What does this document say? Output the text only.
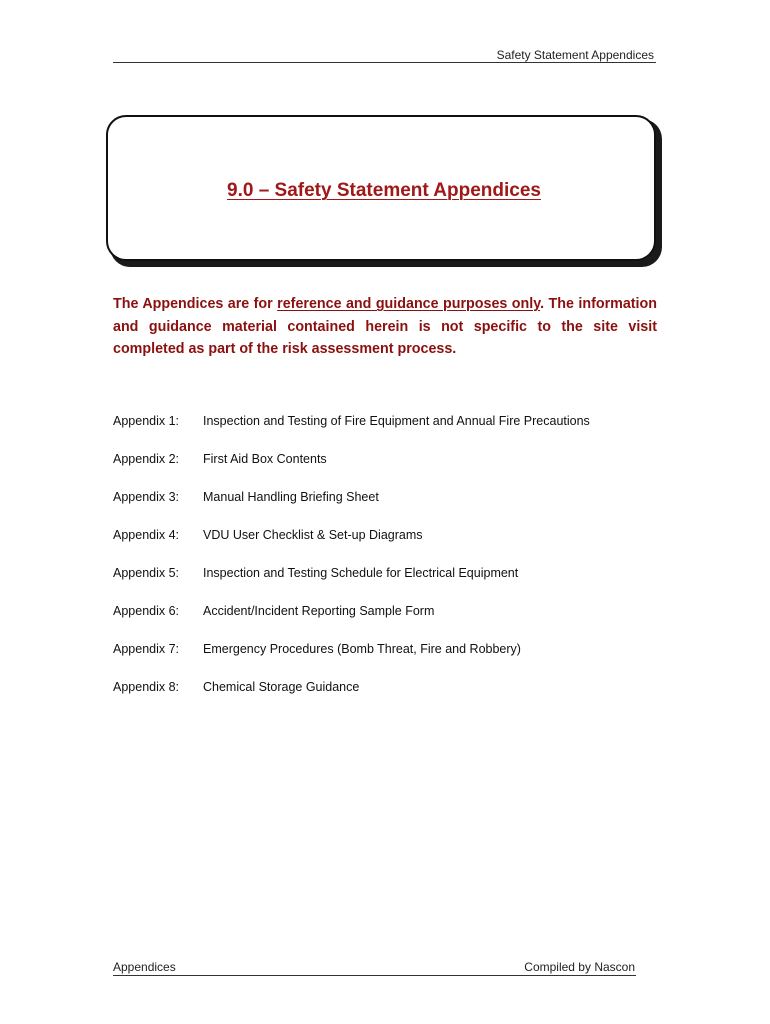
Safety Statement Appendices
9.0 – Safety Statement Appendices
The Appendices are for reference and guidance purposes only. The information and guidance material contained herein is not specific to the site visit completed as part of the risk assessment process.
Appendix 1: Inspection and Testing of Fire Equipment and Annual Fire Precautions
Appendix 2: First Aid Box Contents
Appendix 3: Manual Handling Briefing Sheet
Appendix 4: VDU User Checklist & Set-up Diagrams
Appendix 5: Inspection and Testing Schedule for Electrical Equipment
Appendix 6: Accident/Incident Reporting Sample Form
Appendix 7: Emergency Procedures (Bomb Threat, Fire and Robbery)
Appendix 8: Chemical Storage Guidance
Appendices	Compiled by Nascon
